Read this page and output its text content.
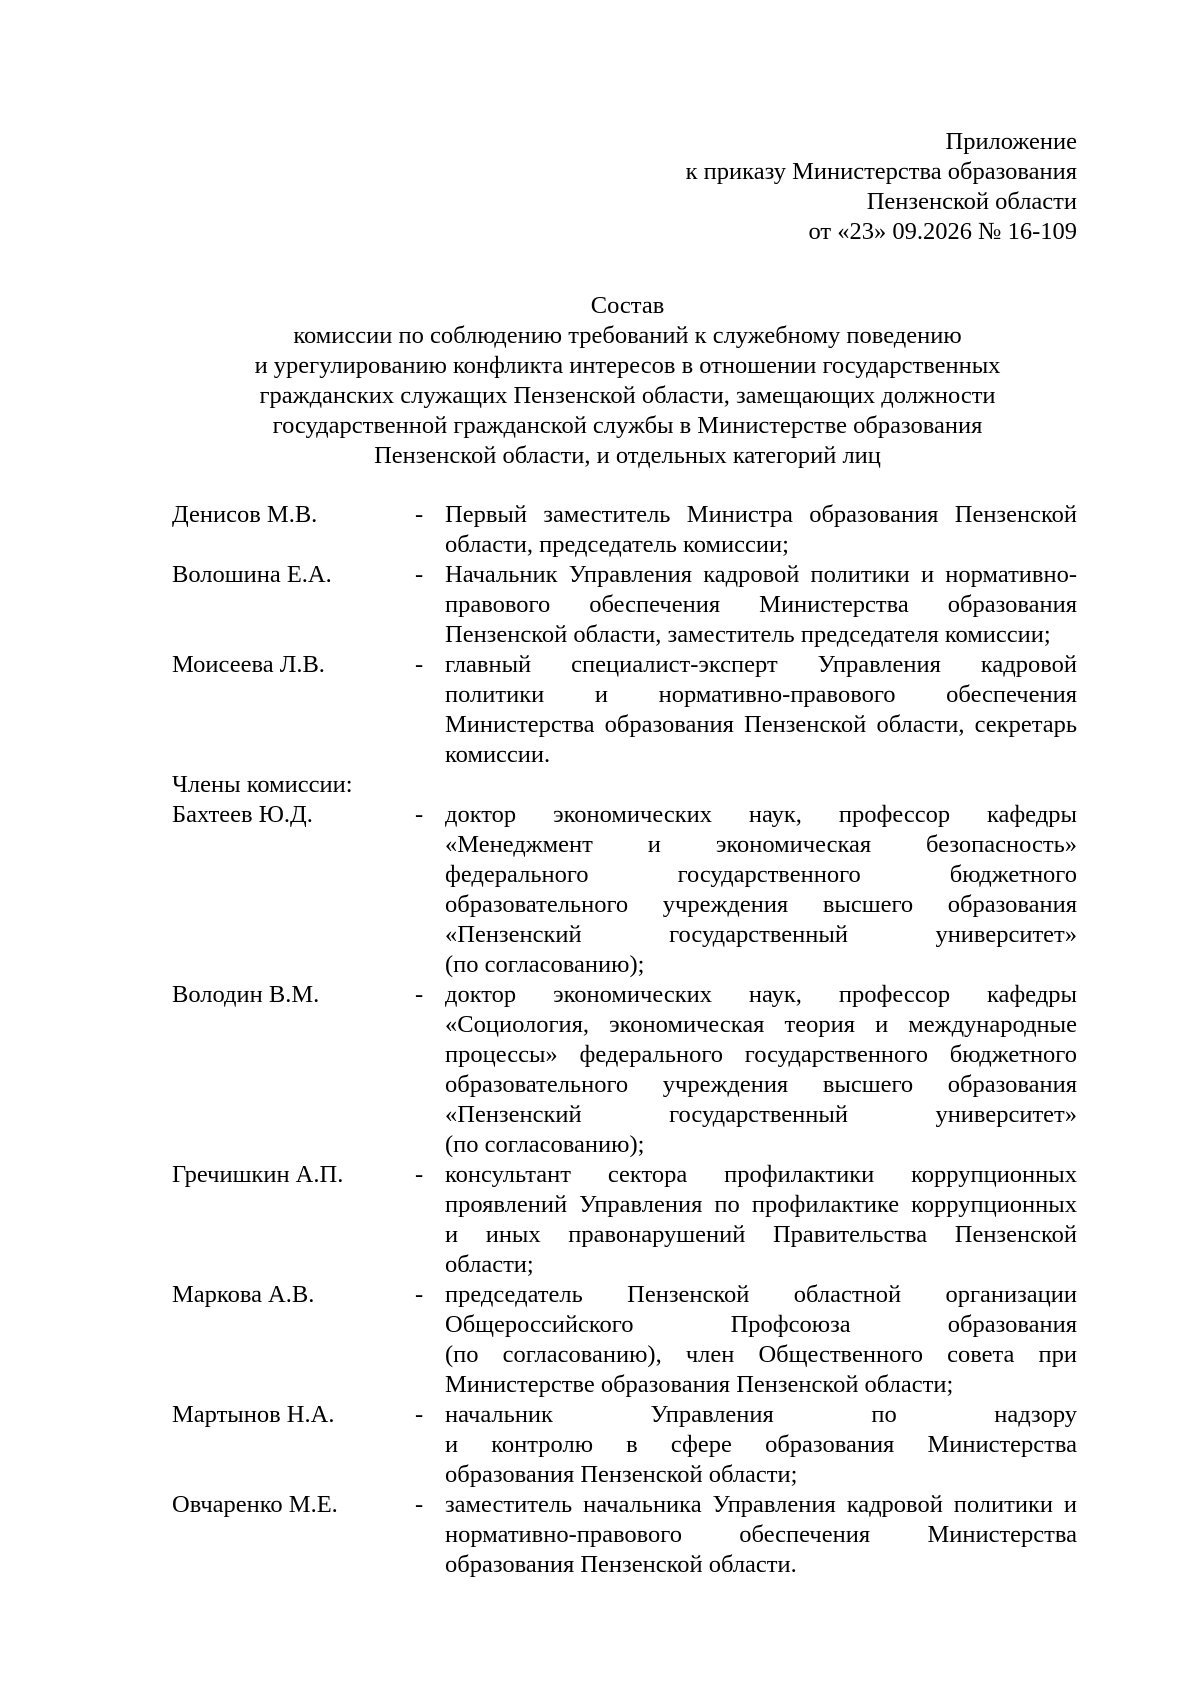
Приложение
к приказу Министерства образования
Пензенской области
от «23» 09.2026 № 16-109
Состав
комиссии по соблюдению требований к служебному поведению
и урегулированию конфликта интересов в отношении государственных
гражданских служащих Пензенской области, замещающих должности
государственной гражданской службы в Министерстве образования
Пензенской области, и отдельных категорий лиц
Денисов М.В.	- Первый заместитель Министра образования Пензенской
области, председатель комиссии;
Волошина Е.А.	- Начальник Управления кадровой политики и нормативно-
правового обеспечения Министерства образования
Пензенской области, заместитель председателя комиссии;
Моисеева Л.В.	- главный специалист-эксперт Управления кадровой
политики и нормативно-правового обеспечения
Министерства образования Пензенской области, секретарь
комиссии.
Члены комиссии:
Бахтеев Ю.Д.	- доктор экономических наук, профессор кафедры
«Менеджмент и экономическая безопасность»
федерального государственного бюджетного
образовательного учреждения высшего образования
«Пензенский государственный университет»
(по согласованию);
Володин В.М.	- доктор экономических наук, профессор кафедры
«Социология, экономическая теория и международные
процессы» федерального государственного бюджетного
образовательного учреждения высшего образования
«Пензенский государственный университет»
(по согласованию);
Гречишкин А.П.	- консультант сектора профилактики коррупционных
проявлений Управления по профилактике коррупционных
и иных правонарушений Правительства Пензенской
области;
Маркова А.В.	- председатель Пензенской областной организации
Общероссийского Профсоюза образования
(по согласованию), член Общественного совета при
Министерстве образования Пензенской области;
Мартынов Н.А.	- начальник Управления по надзору
и контролю в сфере образования Министерства
образования Пензенской области;
Овчаренко М.Е.	- заместитель начальника Управления кадровой политики и
нормативно-правового обеспечения Министерства
образования Пензенской области.
